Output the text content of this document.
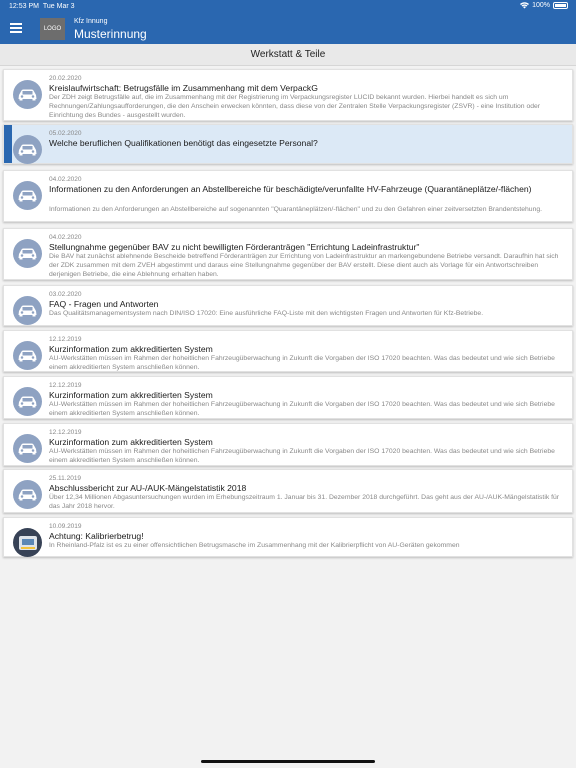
12:53 PM Tue Mar 3	100%
LOGO
Kfz Innung
Musterinnung
Werkstatt & Teile
20.02.2020
Kreislaufwirtschaft: Betrugsfälle im Zusammenhang mit dem VerpackG
Der ZDH zeigt Betrugsfälle auf, die im Zusammenhang mit der Registrierung im Verpackungsregister LUCID bekannt wurden. Hierbei handelt es sich um Rechnungen/Zahlungsaufforderungen, die den Anschein erwecken könnten, dass diese von der Zentralen Stelle Verpackungsregister (ZSVR) - eine Institution oder Einrichtung des Bundes - ausgestellt wurden.
05.02.2020
Welche beruflichen Qualifikationen benötigt das eingesetzte Personal?
04.02.2020
Informationen zu den Anforderungen an Abstellbereiche für beschädigte/verunfallte HV-Fahrzeuge (Quarantäneplätze/-flächen)
Informationen zu den Anforderungen an Abstellbereiche auf sogenannten "Quarantäneplätzen/-flächen" und zu den Gefahren einer zeitversetzten Brandentstehung.
04.02.2020
Stellungnahme gegenüber BAV zu nicht bewilligten Förderanträgen "Errichtung Ladeinfrastruktur"
Die BAV hat zunächst ablehnende Bescheide betreffend Förderanträgen zur Errichtung von Ladeinfrastruktur an markengebundene Betriebe versandt. Daraufhin hat sich der ZDK zusammen mit dem ZVEH abgestimmt und daraus eine Stellungnahme gegenüber der BAV erstellt. Diese dient auch als Vorlage für ein Antwortschreiben derjenigen Betriebe, die eine Ablehnung erhalten haben.
03.02.2020
FAQ - Fragen und Antworten
Das Qualitätsmanagementsystem nach DIN/ISO 17020: Eine ausführliche FAQ-Liste mit den wichtigsten Fragen und Antworten für Kfz-Betriebe.
12.12.2019
Kurzinformation zum akkreditierten System
AU-Werkstätten müssen im Rahmen der hoheitlichen Fahrzeugüberwachung in Zukunft die Vorgaben der ISO 17020 beachten. Was das bedeutet und wie sich Betriebe einem akkreditierten System anschließen können.
12.12.2019
Kurzinformation zum akkreditierten System
AU-Werkstätten müssen im Rahmen der hoheitlichen Fahrzeugüberwachung in Zukunft die Vorgaben der ISO 17020 beachten. Was das bedeutet und wie sich Betriebe einem akkreditierten System anschließen können.
12.12.2019
Kurzinformation zum akkreditierten System
AU-Werkstätten müssen im Rahmen der hoheitlichen Fahrzeugüberwachung in Zukunft die Vorgaben der ISO 17020 beachten. Was das bedeutet und wie sich Betriebe einem akkreditierten System anschließen können.
25.11.2019
Abschlussbericht zur AU-/AUK-Mängelstatistik 2018
Über 12,34 Millionen Abgasuntersuchungen wurden im Erhebungszeitraum 1. Januar bis 31. Dezember 2018 durchgeführt. Das geht aus der AU-/AUK-Mängelstatistik für das Jahr 2018 hervor.
10.09.2019
Achtung: Kalibrierbetrug!
In Rheinland-Pfalz ist es zu einer offensichtlichen Betrugsmasche im Zusammenhang mit der Kalibrierpflicht von AU-Geräten gekommen
